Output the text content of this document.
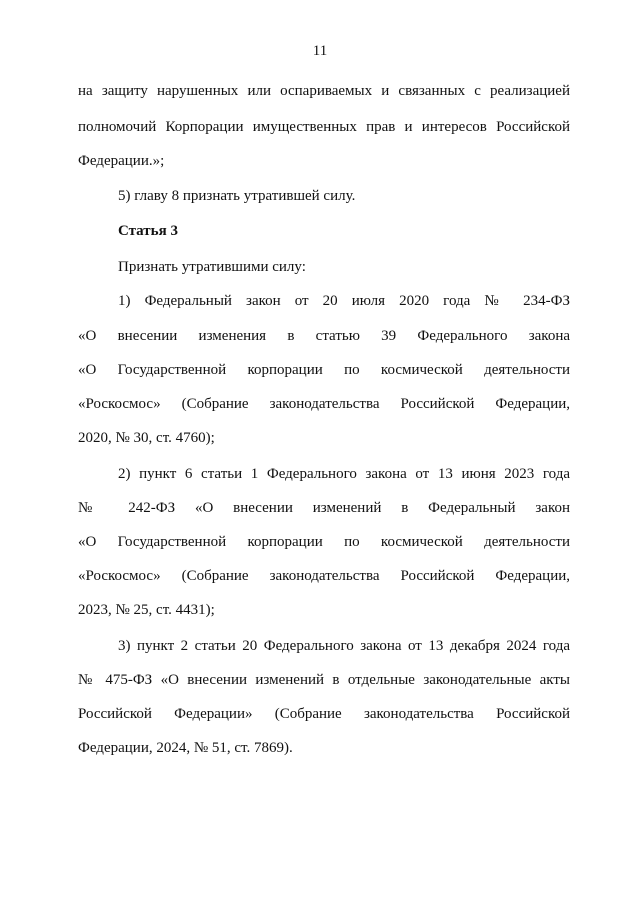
11
на защиту нарушенных или оспариваемых и связанных с реализацией
полномочий Корпорации имущественных прав и интересов Российской
Федерации.»;
5) главу 8 признать утратившей силу.
Статья 3
Признать утратившими силу:
1) Федеральный закон от 20 июля 2020 года № 234-ФЗ
«О внесении изменения в статью 39 Федерального закона
«О Государственной корпорации по космической деятельности
«Роскосмос» (Собрание законодательства Российской Федерации,
2020, № 30, ст. 4760);
2) пункт 6 статьи 1 Федерального закона от 13 июня 2023 года
№ 242-ФЗ «О внесении изменений в Федеральный закон
«О Государственной корпорации по космической деятельности
«Роскосмос» (Собрание законодательства Российской Федерации,
2023, № 25, ст. 4431);
3) пункт 2 статьи 20 Федерального закона от 13 декабря 2024 года
№ 475-ФЗ «О внесении изменений в отдельные законодательные акты
Российской Федерации» (Собрание законодательства Российской
Федерации, 2024, № 51, ст. 7869).
